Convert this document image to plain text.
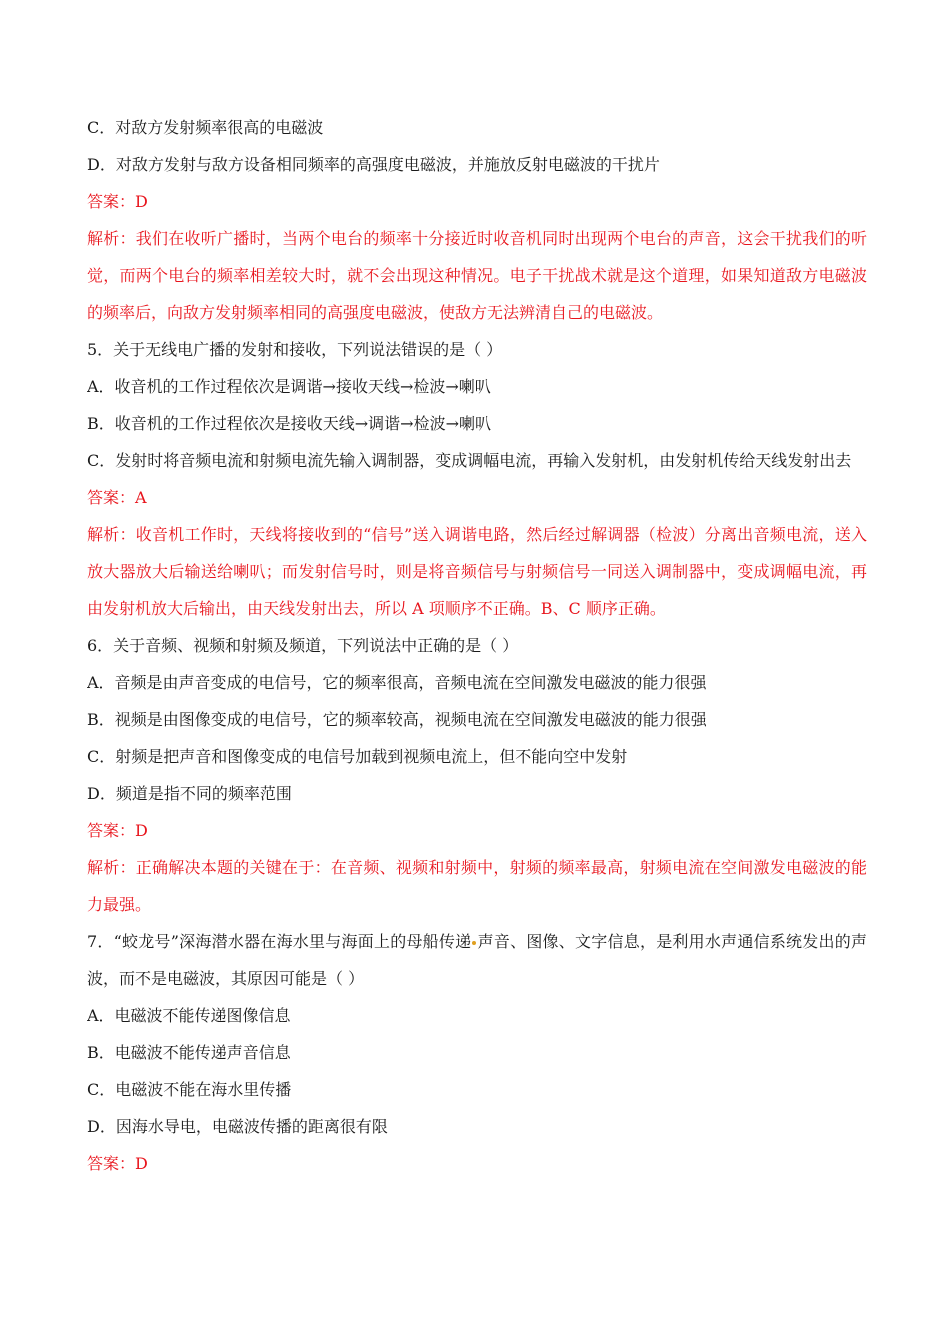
C．对敌方发射频率很高的电磁波
D．对敌方发射与敌方设备相同频率的高强度电磁波，并施放反射电磁波的干扰片
答案：D
解析：我们在收听广播时，当两个电台的频率十分接近时收音机同时出现两个电台的声音，这会干扰我们的听觉，而两个电台的频率相差较大时，就不会出现这种情况。电子干扰战术就是这个道理，如果知道敌方电磁波的频率后，向敌方发射频率相同的高强度电磁波，使敌方无法辨清自己的电磁波。
5．关于无线电广播的发射和接收，下列说法错误的是（ ）
A．收音机的工作过程依次是调谐→接收天线→检波→喇叭
B．收音机的工作过程依次是接收天线→调谐→检波→喇叭
C．发射时将音频电流和射频电流先输入调制器，变成调幅电流，再输入发射机，由发射机传给天线发射出去
答案：A
解析：收音机工作时，天线将接收到的“信号”送入调谐电路，然后经过解调器（检波）分离出音频电流，送入放大器放大后输送给喇叭；而发射信号时，则是将音频信号与射频信号一同送入调制器中，变成调幅电流，再由发射机放大后输出，由天线发射出去，所以 A 项顺序不正确。B、C 顺序正确。
6．关于音频、视频和射频及频道，下列说法中正确的是（ ）
A．音频是由声音变成的电信号，它的频率很高，音频电流在空间激发电磁波的能力很强
B．视频是由图像变成的电信号，它的频率较高，视频电流在空间激发电磁波的能力很强
C．射频是把声音和图像变成的电信号加载到视频电流上，但不能向空中发射
D．频道是指不同的频率范围
答案：D
解析：正确解决本题的关键在于：在音频、视频和射频中，射频的频率最高，射频电流在空间激发电磁波的能力最强。
7．“蛟龙号”深海潜水器在海水里与海面上的母船传递 声音、图像、文字信息，是利用水声通信系统发出的声波，而不是电磁波，其原因可能是（ ）
A．电磁波不能传递图像信息
B．电磁波不能传递声音信息
C．电磁波不能在海水里传播
D．因海水导电，电磁波传播的距离很有限
答案：D
